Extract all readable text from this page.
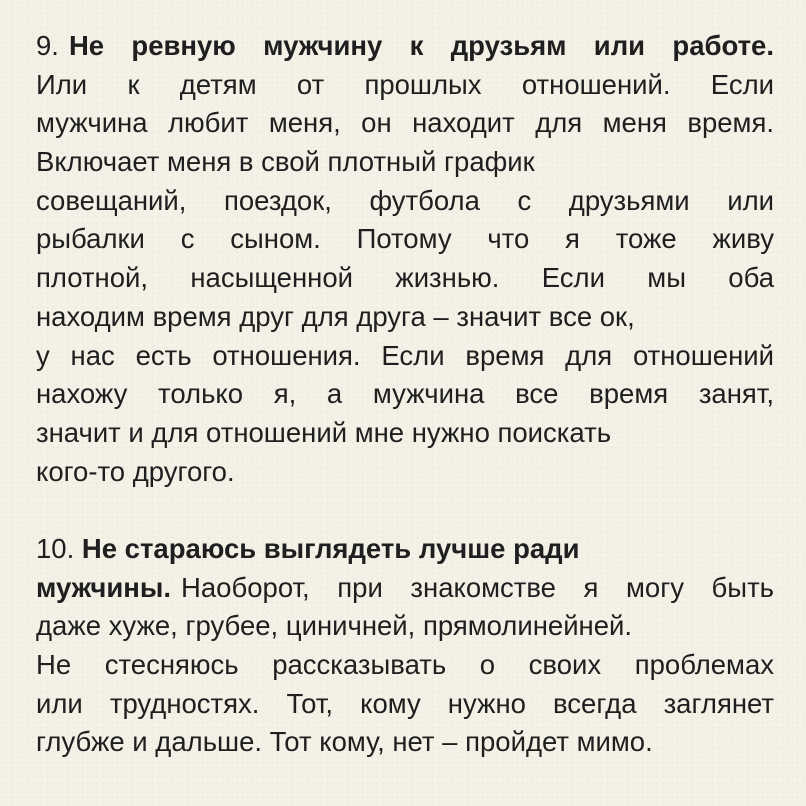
9. Не ревную мужчину к друзьям или работе.
Или к детям от прошлых отношений. Если
мужчина любит меня, он находит для меня время.
Включает меня в свой плотный график
совещаний, поездок, футбола с друзьями или
рыбалки с сыном. Потому что я тоже живу
плотной, насыщенной жизнью. Если мы оба
находим время друг для друга – значит все ок,
у нас есть отношения. Если время для отношений
нахожу только я, а мужчина все время занят,
значит и для отношений мне нужно поискать
кого-то другого.
10. Не стараюсь выглядеть лучше ради
мужчины. Наоборот, при знакомстве я могу быть
даже хуже, грубее, циничней, прямолинейней.
Не стесняюсь рассказывать о своих проблемах
или трудностях. Тот, кому нужно всегда заглянет
глубже и дальше. Тот кому, нет – пройдет мимо.
